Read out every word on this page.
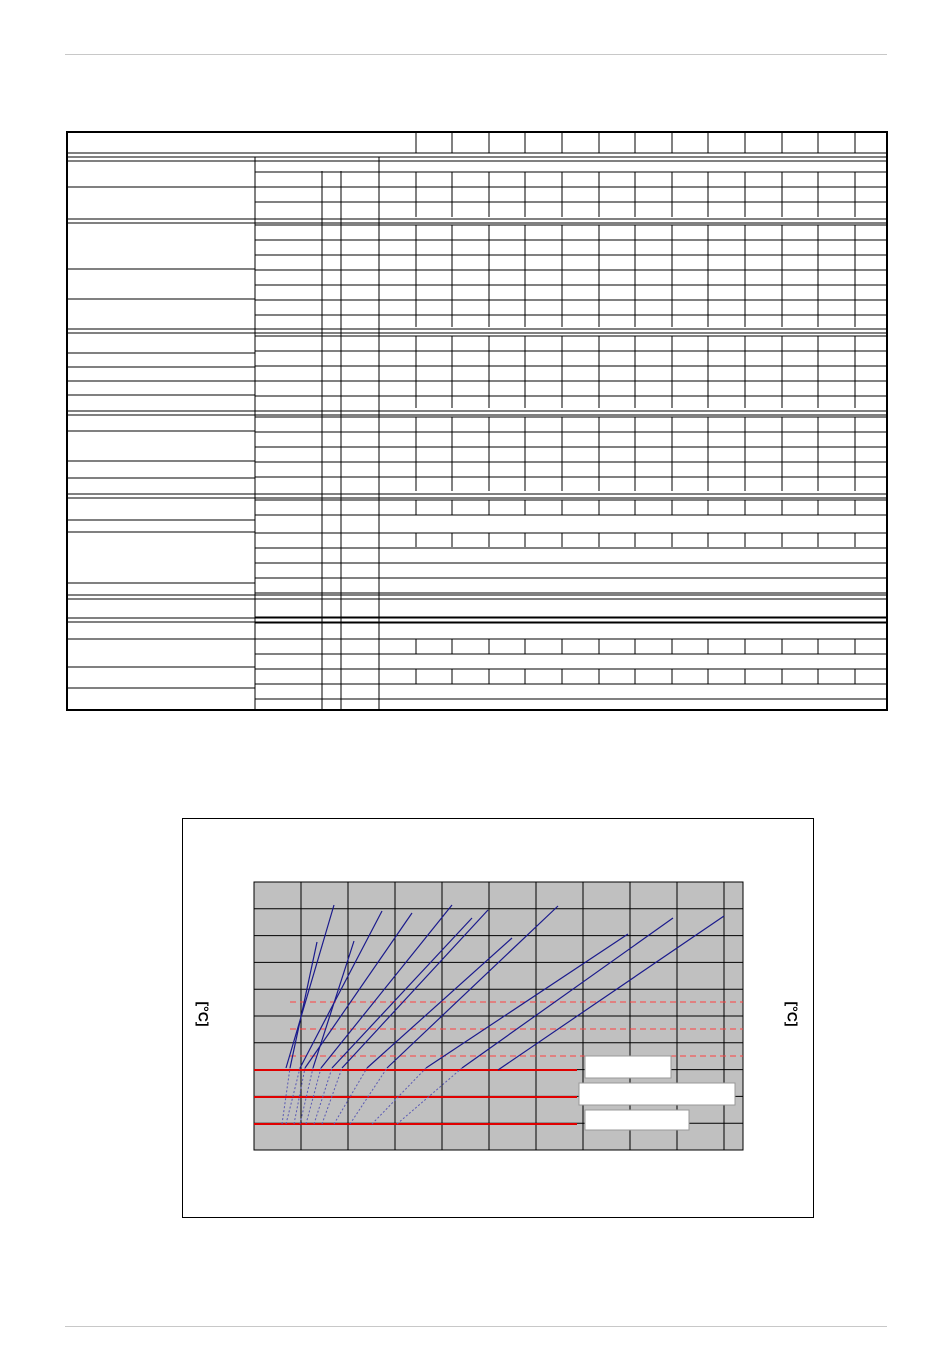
[°C]	[°C]
